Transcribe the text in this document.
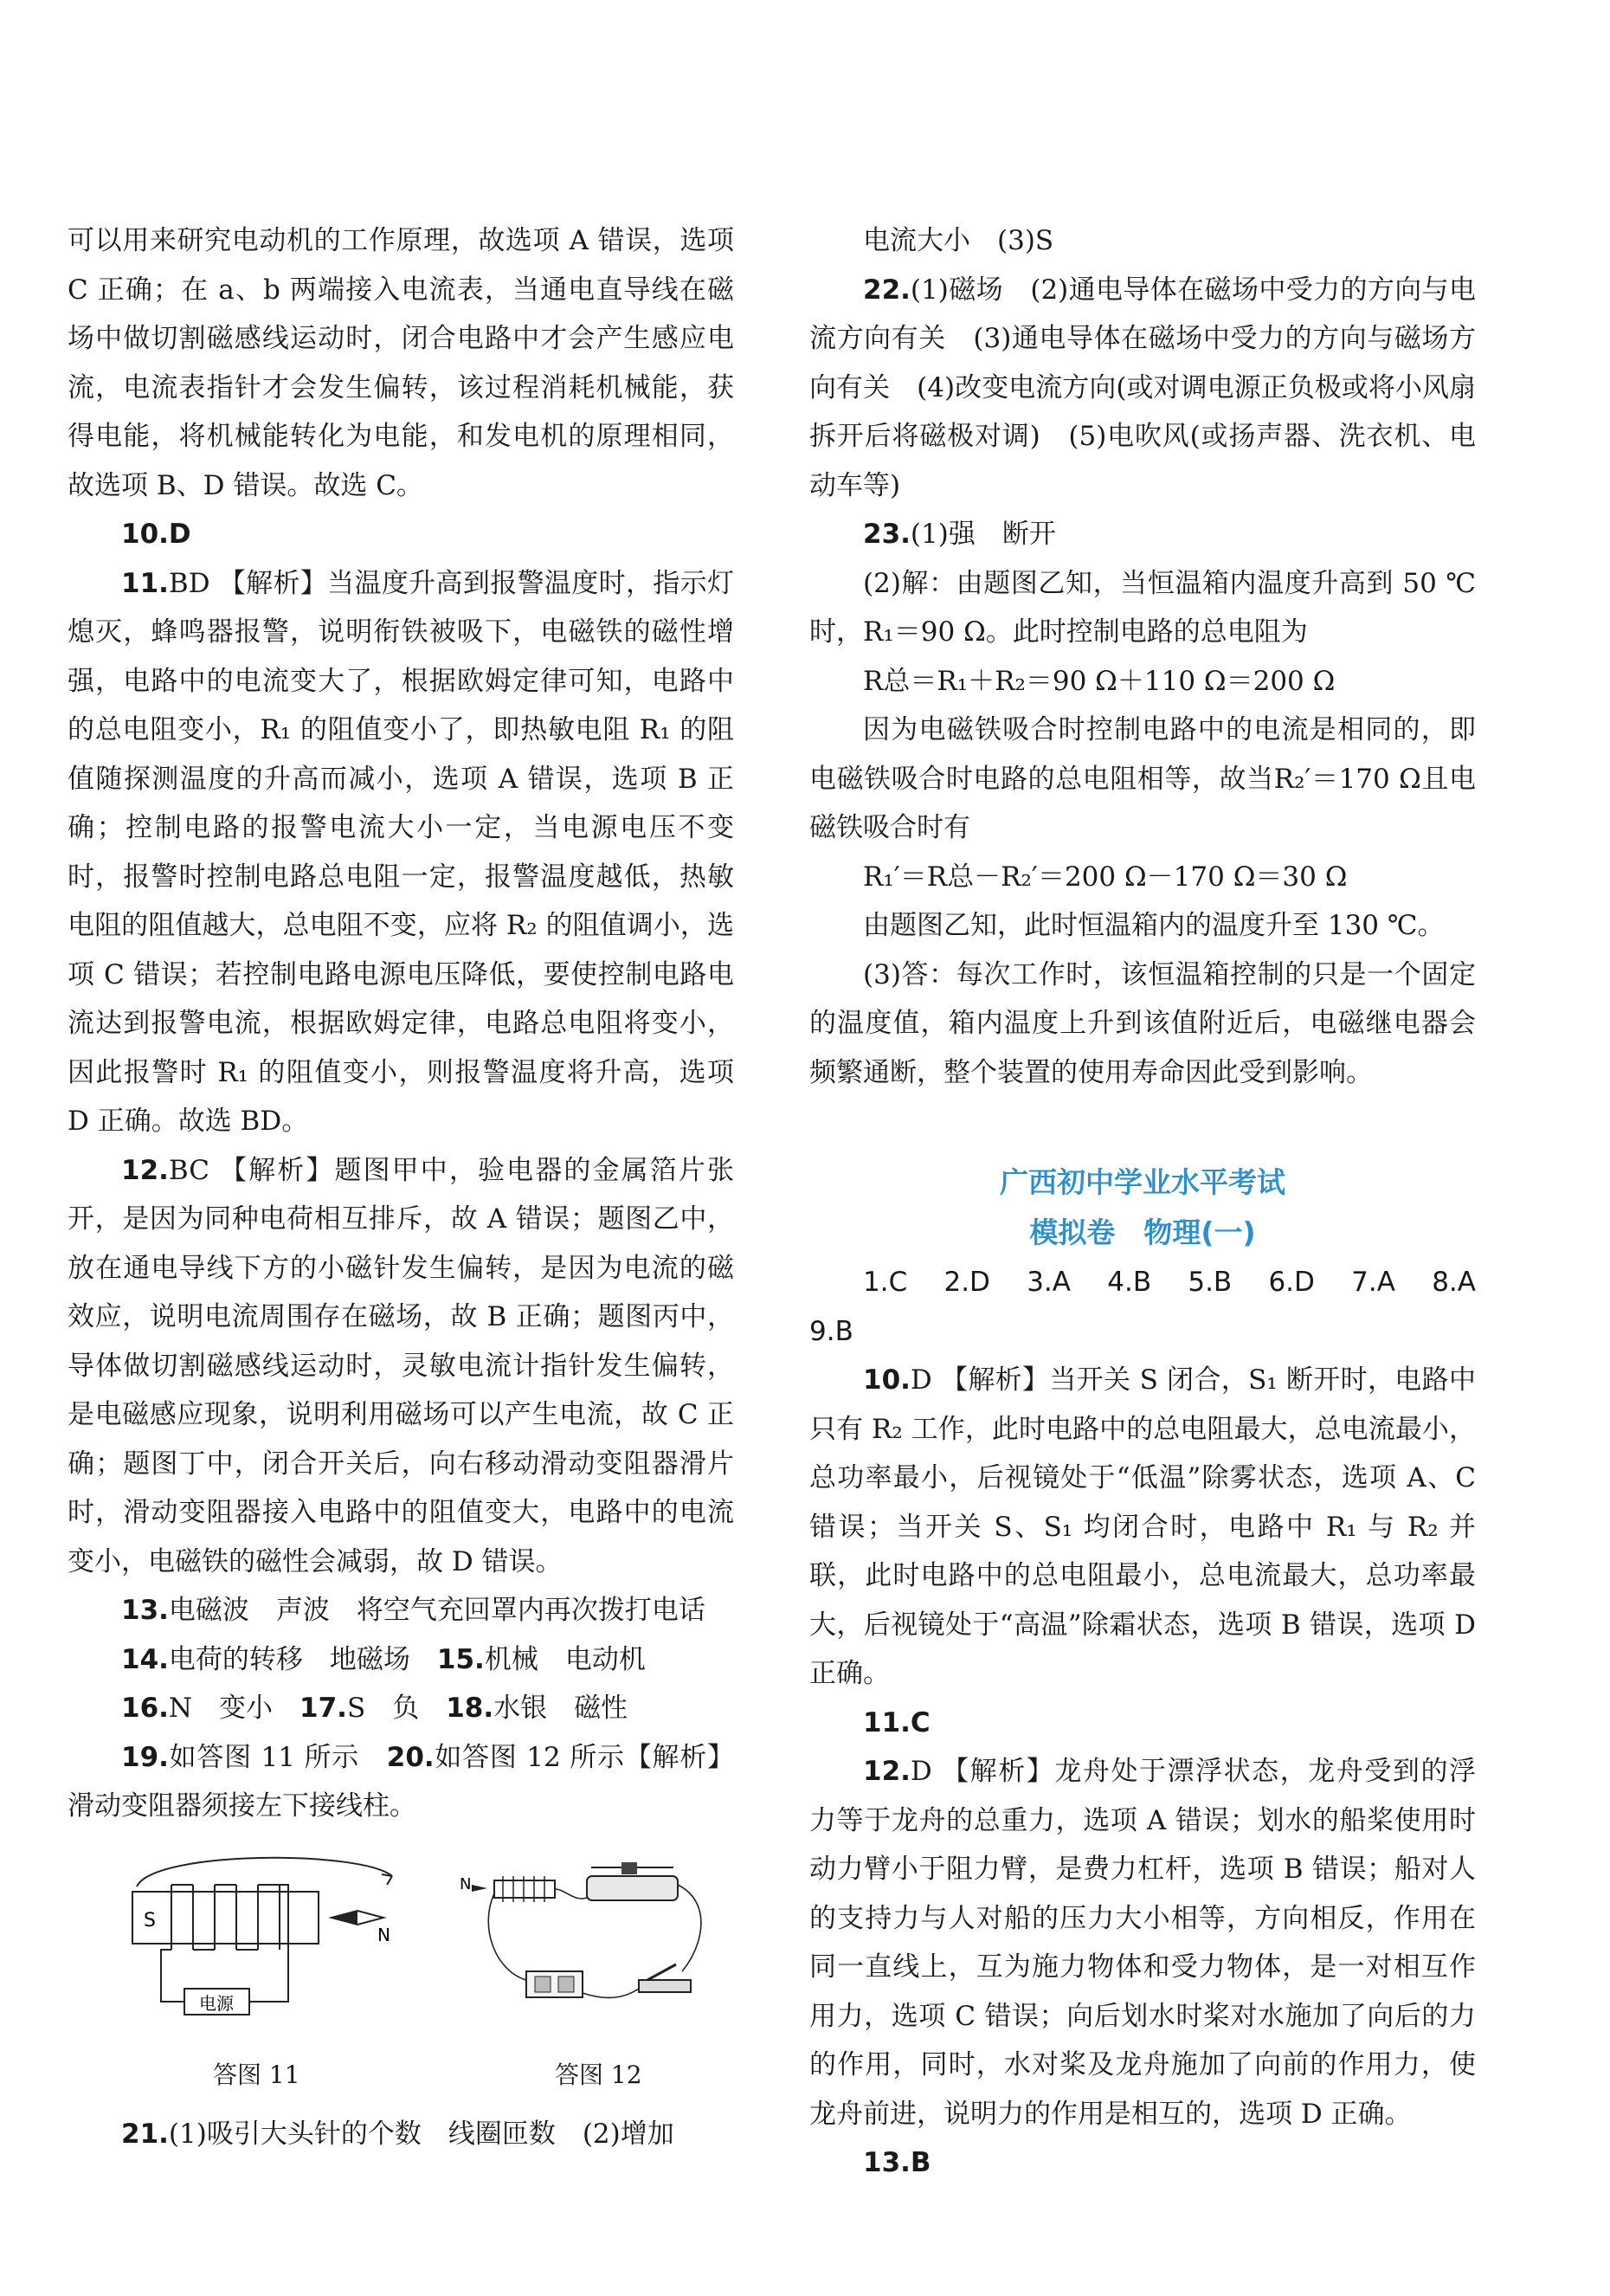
可以用来研究电动机的工作原理，故选项 A 错误，选项 C 正确；在 a、b 两端接入电流表，当通电直导线在磁场中做切割磁感线运动时，闭合电路中才会产生感应电流，电流表指针才会发生偏转，该过程消耗机械能，获得电能，将机械能转化为电能，和发电机的原理相同，故选项 B、D 错误。故选 C。

10.D

11.BD 【解析】当温度升高到报警温度时，指示灯熄灭，蜂鸣器报警，说明衔铁被吸下，电磁铁的磁性增强，电路中的电流变大了，根据欧姆定律可知，电路中的总电阻变小，R₁ 的阻值变小了，即热敏电阻 R₁ 的阻值随探测温度的升高而减小，选项 A 错误，选项 B 正确；控制电路的报警电流大小一定，当电源电压不变时，报警时控制电路总电阻一定，报警温度越低，热敏电阻的阻值越大，总电阻不变，应将 R₂ 的阻值调小，选项 C 错误；若控制电路电源电压降低，要使控制电路电流达到报警电流，根据欧姆定律，电路总电阻将变小，因此报警时 R₁ 的阻值变小，则报警温度将升高，选项 D 正确。故选 BD。

12.BC 【解析】题图甲中，验电器的金属箔片张开，是因为同种电荷相互排斥，故 A 错误；题图乙中，放在通电导线下方的小磁针发生偏转，是因为电流的磁效应，说明电流周围存在磁场，故 B 正确；题图丙中，导体做切割磁感线运动时，灵敏电流计指针发生偏转，是电磁感应现象，说明利用磁场可以产生电流，故 C 正确；题图丁中，闭合开关后，向右移动滑动变阻器滑片时，滑动变阻器接入电路中的阻值变大，电路中的电流变小，电磁铁的磁性会减弱，故 D 错误。

13.电磁波　声波　将空气充回罩内再次拨打电话

14.电荷的转移　地磁场　 15.机械　电动机

16.N　变小　 17.S　负　 18.水银　磁性

19.如答图 11 所示　 20.如答图 12 所示【解析】滑动变阻器须接左下接线柱。

电源
S
N
答图 11
N
答图 12

21.(1)吸引大头针的个数　线圈匝数　(2)增加

电流大小　(3)S

22.(1)磁场　(2)通电导体在磁场中受力的方向与电流方向有关　(3)通电导体在磁场中受力的方向与磁场方向有关　(4)改变电流方向(或对调电源正负极或将小风扇拆开后将磁极对调)　(5)电吹风(或扬声器、洗衣机、电动车等)

23.(1)强　断开

(2)解：由题图乙知，当恒温箱内温度升高到 50 ℃时，R₁＝90 Ω。此时控制电路的总电阻为

R总＝R₁＋R₂＝90 Ω＋110 Ω＝200 Ω

因为电磁铁吸合时控制电路中的电流是相同的，即电磁铁吸合时电路的总电阻相等，故当R₂′＝170 Ω且电磁铁吸合时有

R₁′＝R总－R₂′＝200 Ω－170 Ω＝30 Ω

由题图乙知，此时恒温箱内的温度升至 130 ℃。

(3)答：每次工作时，该恒温箱控制的只是一个固定的温度值，箱内温度上升到该值附近后，电磁继电器会频繁通断，整个装置的使用寿命因此受到影响。

广西初中学业水平考试

模拟卷　物理(一)

1.C　2.D　3.A　4.B　5.B　6.D　7.A　8.A　9.B

10.D 【解析】当开关 S 闭合，S₁ 断开时，电路中只有 R₂ 工作，此时电路中的总电阻最大，总电流最小，总功率最小，后视镜处于“低温”除雾状态，选项 A、C 错误；当开关 S、S₁ 均闭合时，电路中 R₁ 与 R₂ 并联，此时电路中的总电阻最小，总电流最大，总功率最大，后视镜处于“高温”除霜状态，选项 B 错误，选项 D 正确。

11.C

12.D 【解析】龙舟处于漂浮状态，龙舟受到的浮力等于龙舟的总重力，选项 A 错误；划水的船桨使用时动力臂小于阻力臂，是费力杠杆，选项 B 错误；船对人的支持力与人对船的压力大小相等，方向相反，作用在同一直线上，互为施力物体和受力物体，是一对相互作用力，选项 C 错误；向后划水时桨对水施加了向后的力的作用，同时，水对桨及龙舟施加了向前的作用力，使龙舟前进，说明力的作用是相互的，选项 D 正确。

13.B
